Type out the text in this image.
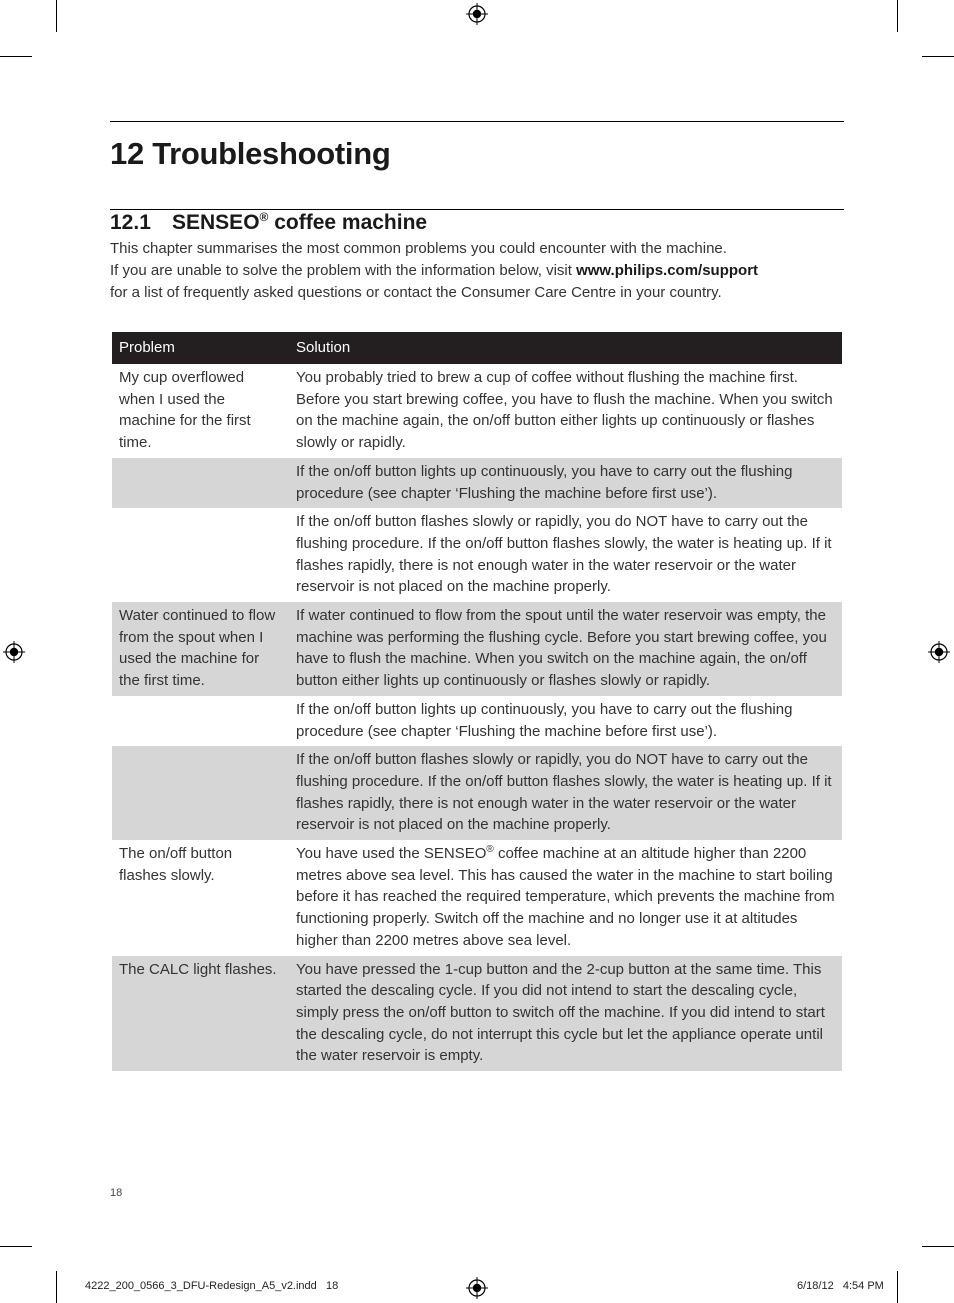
12 Troubleshooting
12.1 SENSEO® coffee machine

This chapter summarises the most common problems you could encounter with the machine.

If you are unable to solve the problem with the information below, visit www.philips.com/support

for a list of frequently asked questions or contact the Consumer Care Centre in your country.

Problem	Solution
My cup overflowed when I used the machine for the first time.	You probably tried to brew a cup of coffee without flushing the machine first. Before you start brewing coffee, you have to flush the machine. When you switch on the machine again, the on/off button either lights up continuously or flashes slowly or rapidly.
	If the on/off button lights up continuously, you have to carry out the flushing procedure (see chapter ‘Flushing the machine before first use’).
	If the on/off button flashes slowly or rapidly, you do NOT have to carry out the flushing procedure. If the on/off button flashes slowly, the water is heating up. If it flashes rapidly, there is not enough water in the water reservoir or the water reservoir is not placed on the machine properly.
Water continued to flow from the spout when I used the machine for the first time.	If water continued to flow from the spout until the water reservoir was empty, the machine was performing the flushing cycle. Before you start brewing coffee, you have to flush the machine. When you switch on the machine again, the on/off button either lights up continuously or flashes slowly or rapidly.
	If the on/off button lights up continuously, you have to carry out the flushing procedure (see chapter ‘Flushing the machine before first use’).
	If the on/off button flashes slowly or rapidly, you do NOT have to carry out the flushing procedure. If the on/off button flashes slowly, the water is heating up. If it flashes rapidly, there is not enough water in the water reservoir or the water reservoir is not placed on the machine properly.
The on/off button flashes slowly.	You have used the SENSEO® coffee machine at an altitude higher than 2200 metres above sea level. This has caused the water in the machine to start boiling before it has reached the required temperature, which prevents the machine from functioning properly. Switch off the machine and no longer use it at altitudes higher than 2200 metres above sea level.
The CALC light flashes.	You have pressed the 1-cup button and the 2-cup button at the same time. This started the descaling cycle. If you did not intend to start the descaling cycle, simply press the on/off button to switch off the machine. If you did intend to start the descaling cycle, do not interrupt this cycle but let the appliance operate until the water reservoir is empty.
18
4222_200_0566_3_DFU-Redesign_A5_v2.indd   18	6/18/12   4:54 PM
